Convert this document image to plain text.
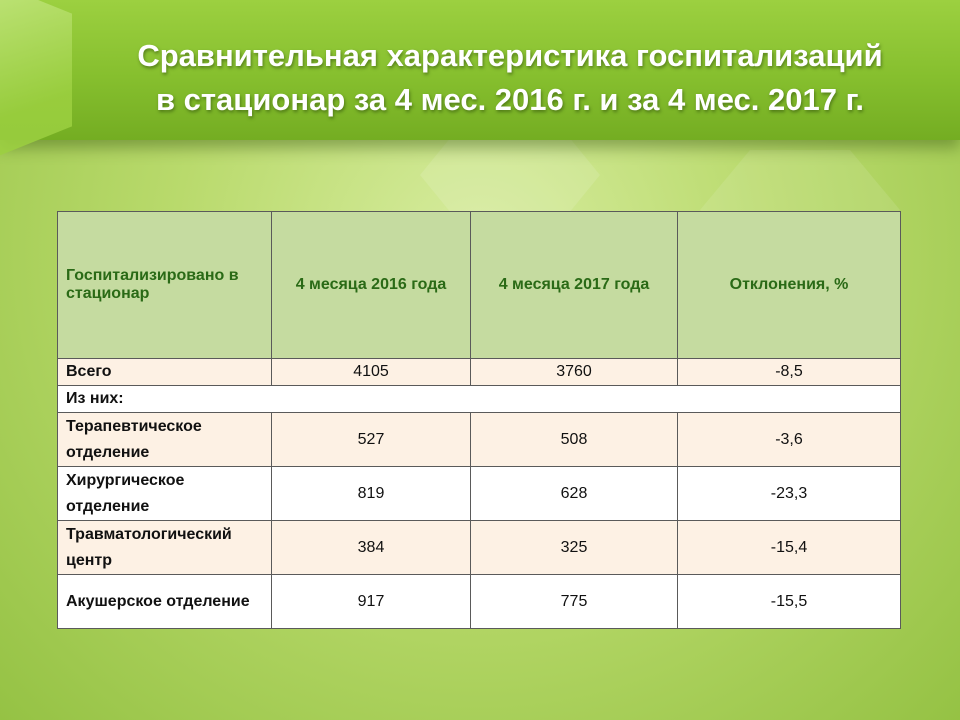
Сравнительная характеристика госпитализаций
в стационар за 4 мес. 2016 г. и за 4 мес. 2017 г.
Госпитализировано в стационар	4 месяца 2016 года	4 месяца 2017 года	Отклонения, %
Всего	4105	3760	-8,5
Из них:			
Терапевтическое отделение	527	508	-3,6
Хирургическое отделение	819	628	-23,3
Травматологический центр	384	325	-15,4
Акушерское отделение	917	775	-15,5
